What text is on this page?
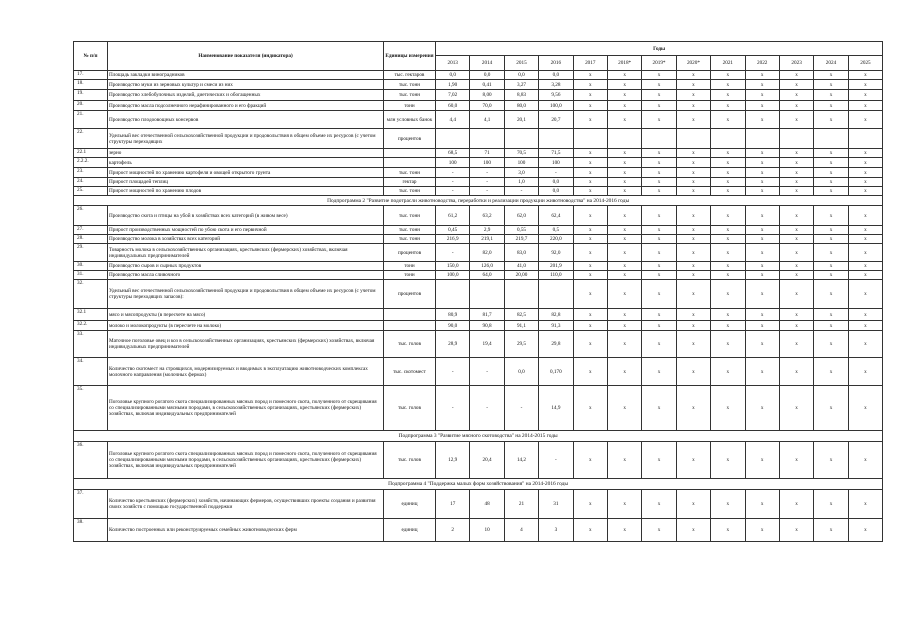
№ п/п	Наименование показателя (индикатора)	Единицы измерения	Годы												
			2013	2014	2015	2016	2017	2018*	2019*	2020*	2021	2022	2023	2024	2025
17.	Площадь закладки виноградников	тыс. гектаров	0,0	0,0	0,0	0,0	x	x	x	x	x	x	x	x	x
18.	Производство муки из зерновых культур и смеси из них	тыс. тонн	1,90	0,41	3,27	3,28	x	x	x	x	x	x	x	x	x
19.	Производство хлебобулочных изделий, диетических и обогащенных	тыс. тонн	7,02	8,00	8,83	9,56	x	x	x	x	x	x	x	x	x
20.	Производство масла подсолнечного нерафинированного и его фракций	тонн	60,0	70,0	80,0	100,0	x	x	x	x	x	x	x	x	x
21.	Производство плодоовощных консервов	млн условных банок	4,4	4,1	20,1	20,7	x	x	x	x	x	x	x	x	x
22.	Удельный вес отечественной сельскохозяйственной продукции и продовольствия в общем объеме их ресурсов (с учетом структуры переходящих	процентов													
22.1	зерно		68,5	71	70,5	71,5	x	x	x	x	x	x	x	x	x
2.2.2.	картофель		100	100	100	100	x	x	x	x	x	x	x	x	x
23.	Прирост мощностей по хранению картофеля и овощей открытого грунта	тыс. тонн	-	-	3,0	-	x	x	x	x	x	x	x	x	x
24.	Прирост площадей теплиц	гектар	-	-	1,0	0,0	x	x	x	x	x	x	x	x	x
25.	Прирост мощностей по хранению плодов	тыс. тонн	-	-	-	0,0	x	x	x	x	x	x	x	x	x
Подпрограмма 2 "Развитие подотрасли животноводства, переработки и реализации продукции животноводства" на 2014-2016 годы															
26.	Производство скота и птицы на убой в хозяйствах всех категорий (в живом весе)	тыс. тонн	61,2	63,2	62,0	62,4	x	x	x	x	x	x	x	x	x
27.	Прирост производственных мощностей по убою скота и его первичной	тыс. тонн	0,45	2,9	0,55	0,5	x	x	x	x	x	x	x	x	x
28.	Производство молока в хозяйствах всех категорий	тыс. тонн	216,9	219,1	219,7	220,0	x	x	x	x	x	x	x	x	x
29.	Товарность молока в сельскохозяйственных организациях, крестьянских (фермерских) хозяйствах, включая индивидуальных предпринимателей	процентов	-	82,0	83,0	92,0	x	x	x	x	x	x	x	x	x
30.	Производство сыров и сырных продуктов	тонн	150,0	126,0	41,0	201,9	x	x	x	x	x	x	x	x	x
31.	Производство масла сливочного	тонн	100,0	64,0	20,00	110,0	x	x	x	x	x	x	x	x	x
32.	Удельный вес отечественной сельскохозяйственной продукции и продовольствия в общем объеме их ресурсов (с учетом структуры переходящих запасов):	процентов					x	x	x	x	x	x	x	x	x
32.1	мясо и мясопродукты (в пересчете на мясо)		80,9	81,7	82,5	82,8	x	x	x	x	x	x	x	x	x
32.2.	молоко и молокопродукты (в пересчете на молоко)		90,0	90,8	91,1	91,3	x	x	x	x	x	x	x	x	x
33.	Маточное поголовье овец и коз в сельскохозяйственных организациях, крестьянских (фермерских) хозяйствах, включая индивидуальных предпринимателей	тыс. голов	28,9	19,4	29,5	29,8	x	x	x	x	x	x	x	x	x
34.	Количество скотомест на строящихся, модернизируемых и вводимых в эксплуатацию животноводческих комплексах молочного направления (молочных фермах)	тыс. скотомест	-	-	0,0	0,170	x	x	x	x	x	x	x	x	x
35.	Поголовье крупного рогатого скота специализированных мясных пород и помесного скота, полученного от скрещивания со специализированными мясными породами, в сельскохозяйственных организациях, крестьянских (фермерских) хозяйствах, включая индивидуальных предпринимателей	тыс. голов	-	-	-	14,9	x	x	x	x	x	x	x	x	x
Подпрограмма 3 "Развитие мясного скотоводства" на 2014-2015 годы															
36.	Поголовье крупного рогатого скота специализированных мясных пород и помесного скота, полученного от скрещивания со специализированными мясными породами, в сельскохозяйственных организациях, крестьянских (фермерских) хозяйствах, включая индивидуальных предпринимателей	тыс. голов	12,9	20,4	14,2	-	x	x	x	x	x	x	x	x	x
Подпрограмма 4 "Поддержка малых форм хозяйствования" на 2014-2016 годы															
37.	Количество крестьянских (фермерских) хозяйств, начинающих фермеров, осуществивших проекты создания и развития своих хозяйств с помощью государственной поддержки	единиц	17	48	21	31	x	x	x	x	x	x	x	x	x
38.	Количество построенных или реконструируемых семейных животноводческих ферм	единиц	2	10	4	3	x	x	x	x	x	x	x	x	x
